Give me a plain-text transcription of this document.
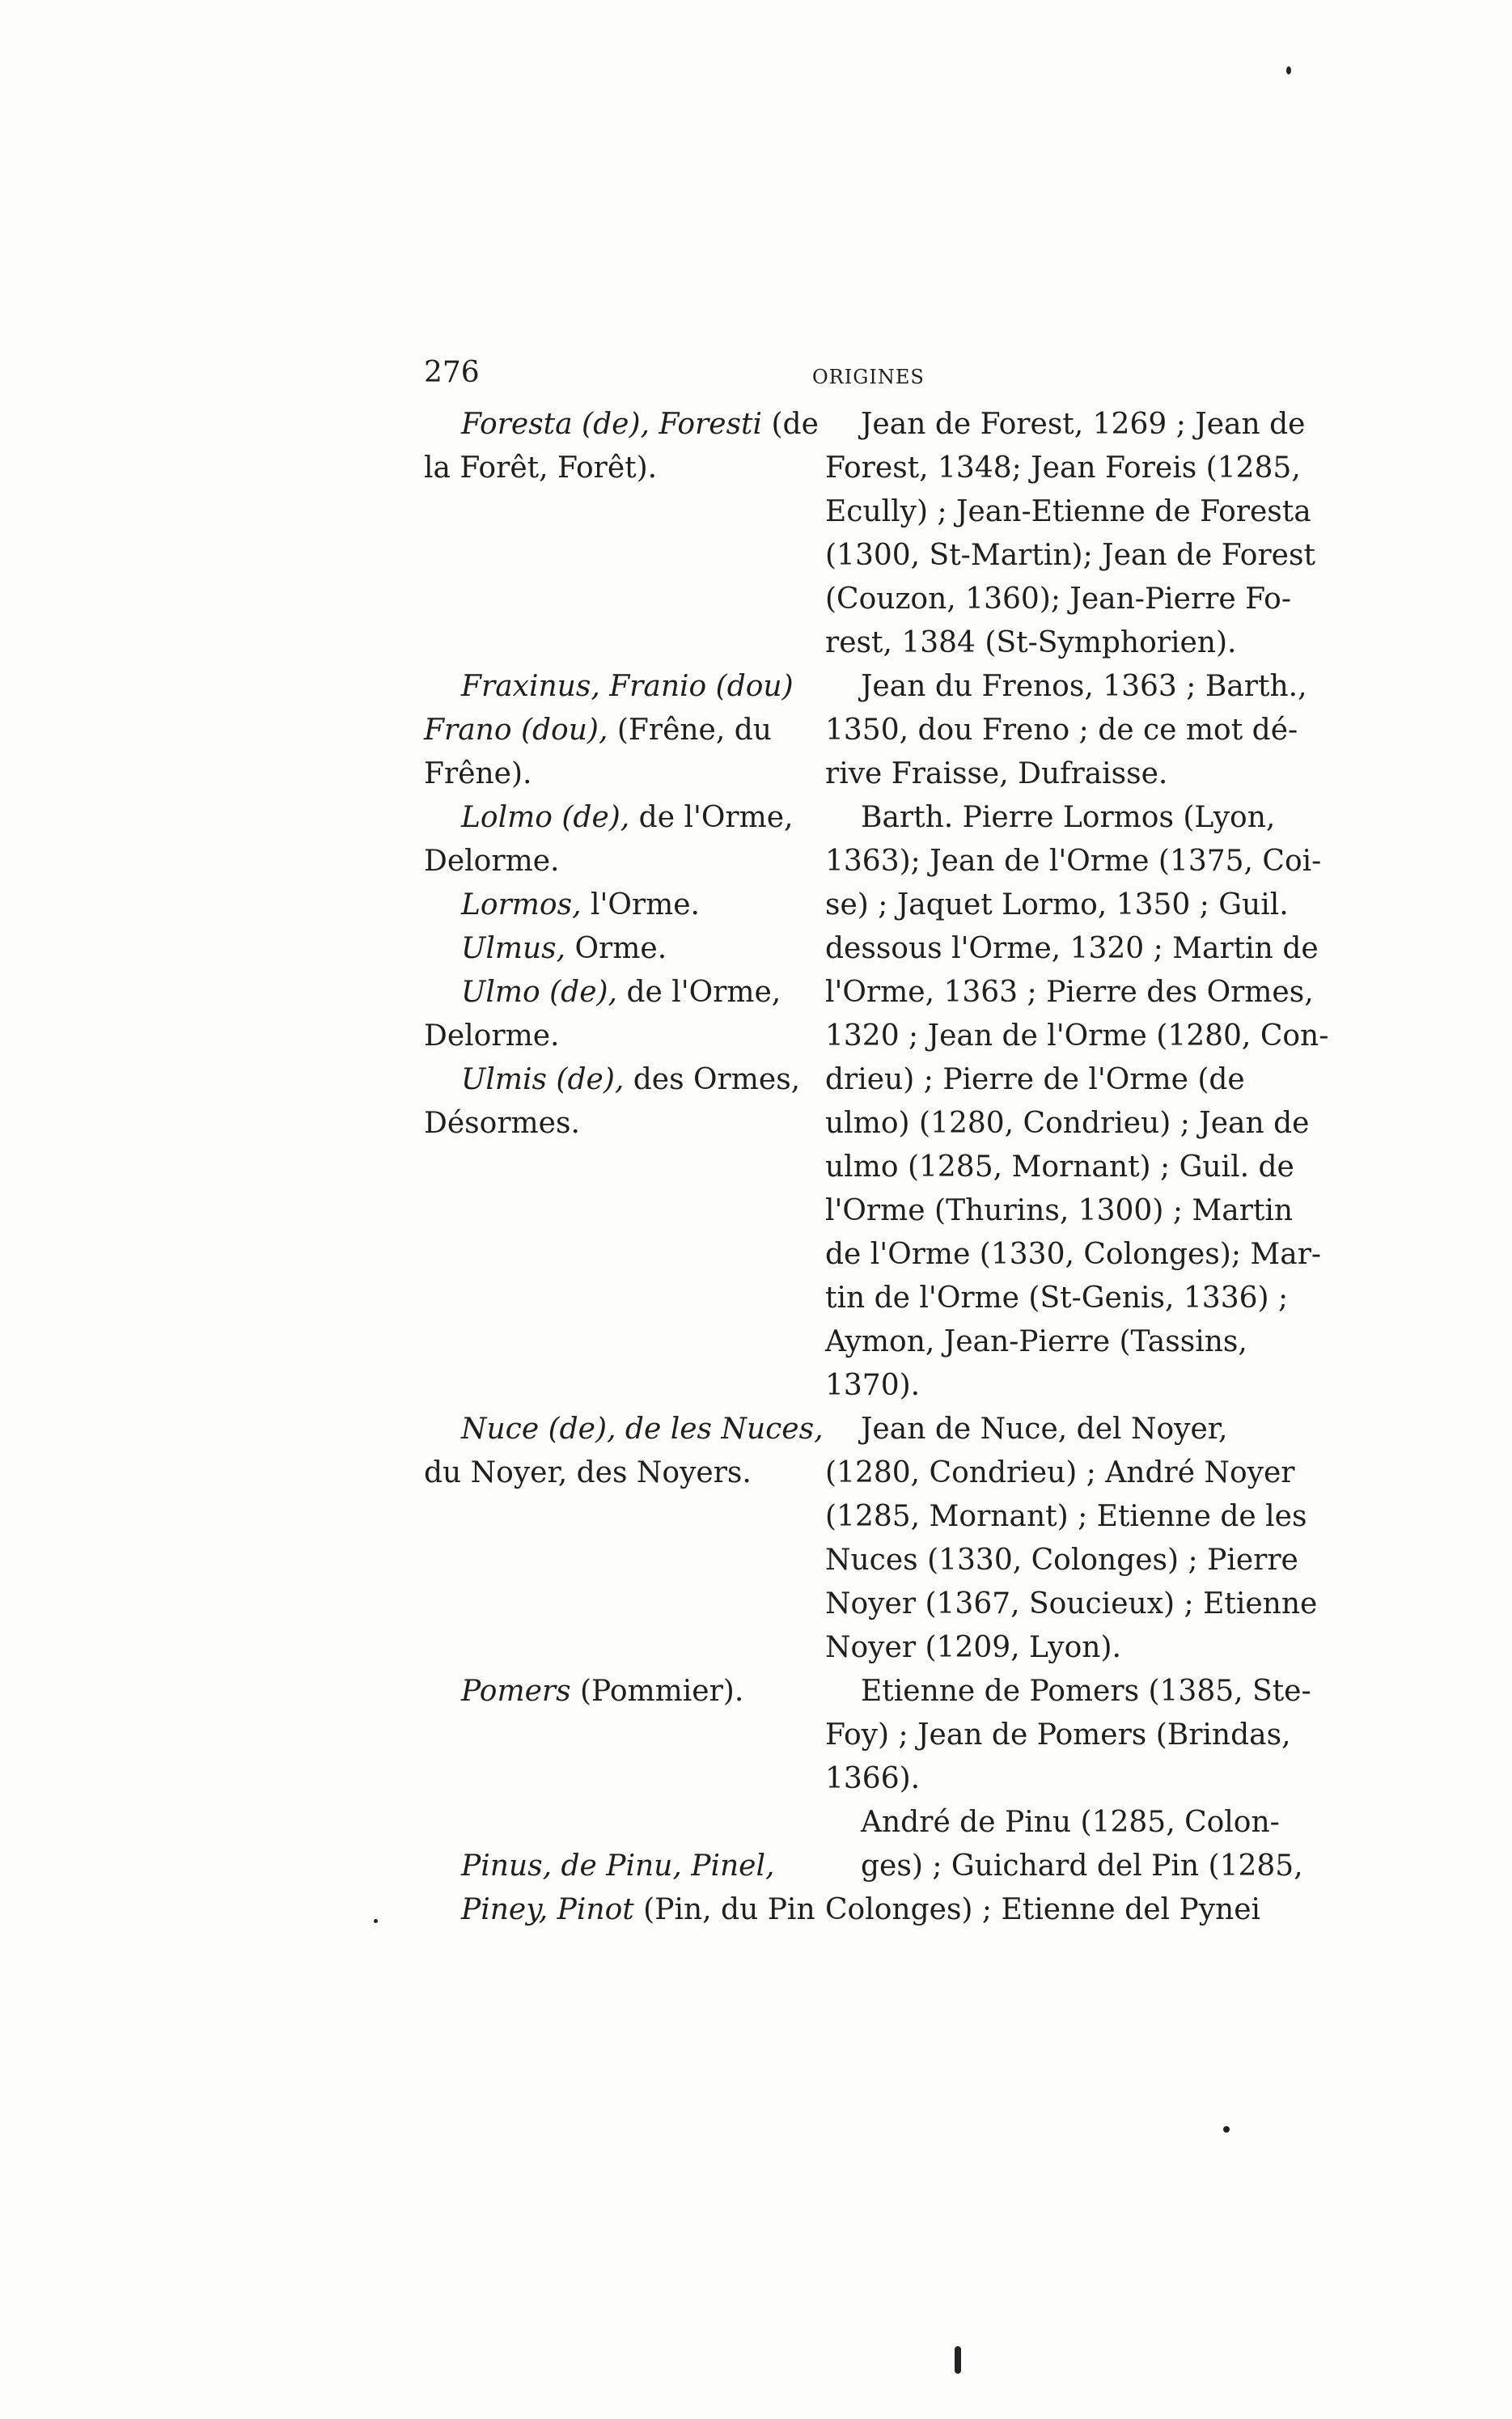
276	ORIGINES
Foresta (de), Foresti (de
la Forêt, Forêt).
Jean de Forest, 1269 ; Jean de
Forest, 1348; Jean Foreis (1285,
Ecully) ; Jean-Etienne de Foresta
(1300, St-Martin); Jean de Forest
(Couzon, 1360); Jean-Pierre Fo-
rest, 1384 (St-Symphorien).
Fraxinus, Franio (dou)
Frano (dou), (Frêne, du
Frêne).
Lolmo (de), de l'Orme,
Delorme.
Lormos, l'Orme.
Ulmus, Orme.
Ulmo (de), de l'Orme,
Delorme.
Ulmis (de), des Ormes,
Désormes.
Jean du Frenos, 1363 ; Barth.,
1350, dou Freno ; de ce mot dé-
rive Fraisse, Dufraisse.
Barth. Pierre Lormos (Lyon,
1363); Jean de l'Orme (1375, Coi-
se) ; Jaquet Lormo, 1350 ; Guil.
dessous l'Orme, 1320 ; Martin de
l'Orme, 1363 ; Pierre des Ormes,
1320 ; Jean de l'Orme (1280, Con-
drieu) ; Pierre de l'Orme (de
ulmo) (1280, Condrieu) ; Jean de
ulmo (1285, Mornant) ; Guil. de
l'Orme (Thurins, 1300) ; Martin
de l'Orme (1330, Colonges); Mar-
tin de l'Orme (St-Genis, 1336) ;
Aymon, Jean-Pierre (Tassins,
1370).
Nuce (de), de les Nuces,
du Noyer, des Noyers.
Jean de Nuce, del Noyer,
(1280, Condrieu) ; André Noyer
(1285, Mornant) ; Etienne de les
Nuces (1330, Colonges) ; Pierre
Noyer (1367, Soucieux) ; Etienne
Noyer (1209, Lyon).
Pomers (Pommier).	Etienne de Pomers (1385, Ste-
Foy) ; Jean de Pomers (Brindas,
1366).
André de Pinu (1285, Colon-
Pinus, de Pinu, Pinel,
Piney, Pinot (Pin, du Pin
ges) ; Guichard del Pin (1285,
Colonges) ; Etienne del Pynei
